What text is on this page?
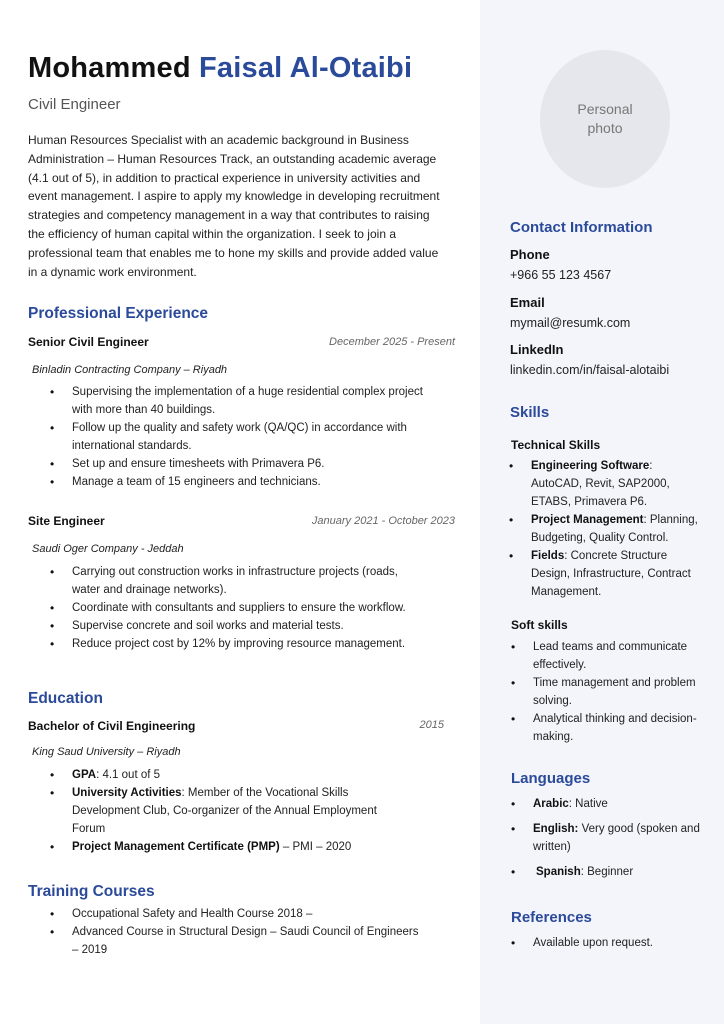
Mohammed Faisal Al-Otaibi
Civil Engineer
Human Resources Specialist with an academic background in Business Administration – Human Resources Track, an outstanding academic average (4.1 out of 5), in addition to practical experience in university activities and event management. I aspire to apply my knowledge in developing recruitment strategies and competency management in a way that contributes to raising the efficiency of human capital within the organization. I seek to join a professional team that enables me to hone my skills and provide added value in a dynamic work environment.
Professional Experience
Senior Civil Engineer	December 2025 - Present
Binladin Contracting Company – Riyadh
• Supervising the implementation of a huge residential complex project with more than 40 buildings.
• Follow up the quality and safety work (QA/QC) in accordance with international standards.
• Set up and ensure timesheets with Primavera P6.
• Manage a team of 15 engineers and technicians.
Site Engineer	January 2021 - October 2023
Saudi Oger Company - Jeddah
• Carrying out construction works in infrastructure projects (roads, water and drainage networks).
• Coordinate with consultants and suppliers to ensure the workflow.
• Supervise concrete and soil works and material tests.
• Reduce project cost by 12% by improving resource management.
Education
Bachelor of Civil Engineering	2015
King Saud University – Riyadh
• GPA: 4.1 out of 5
• University Activities: Member of the Vocational Skills Development Club, Co-organizer of the Annual Employment Forum
• Project Management Certificate (PMP) – PMI – 2020
Training Courses
• Occupational Safety and Health Course 2018 –
• Advanced Course in Structural Design – Saudi Council of Engineers – 2019
Personal photo
Contact Information
Phone
+966 55 123 4567
Email
mymail@resumk.com
LinkedIn
linkedin.com/in/faisal-alotaibi
Skills
Technical Skills
• Engineering Software: AutoCAD, Revit, SAP2000, ETABS, Primavera P6.
• Project Management: Planning, Budgeting, Quality Control.
• Fields: Concrete Structure Design, Infrastructure, Contract Management.
Soft skills
• Lead teams and communicate effectively.
• Time management and problem solving.
• Analytical thinking and decision-making.
Languages
• Arabic: Native
• English: Very good (spoken and written)
• Spanish: Beginner
References
• Available upon request.
